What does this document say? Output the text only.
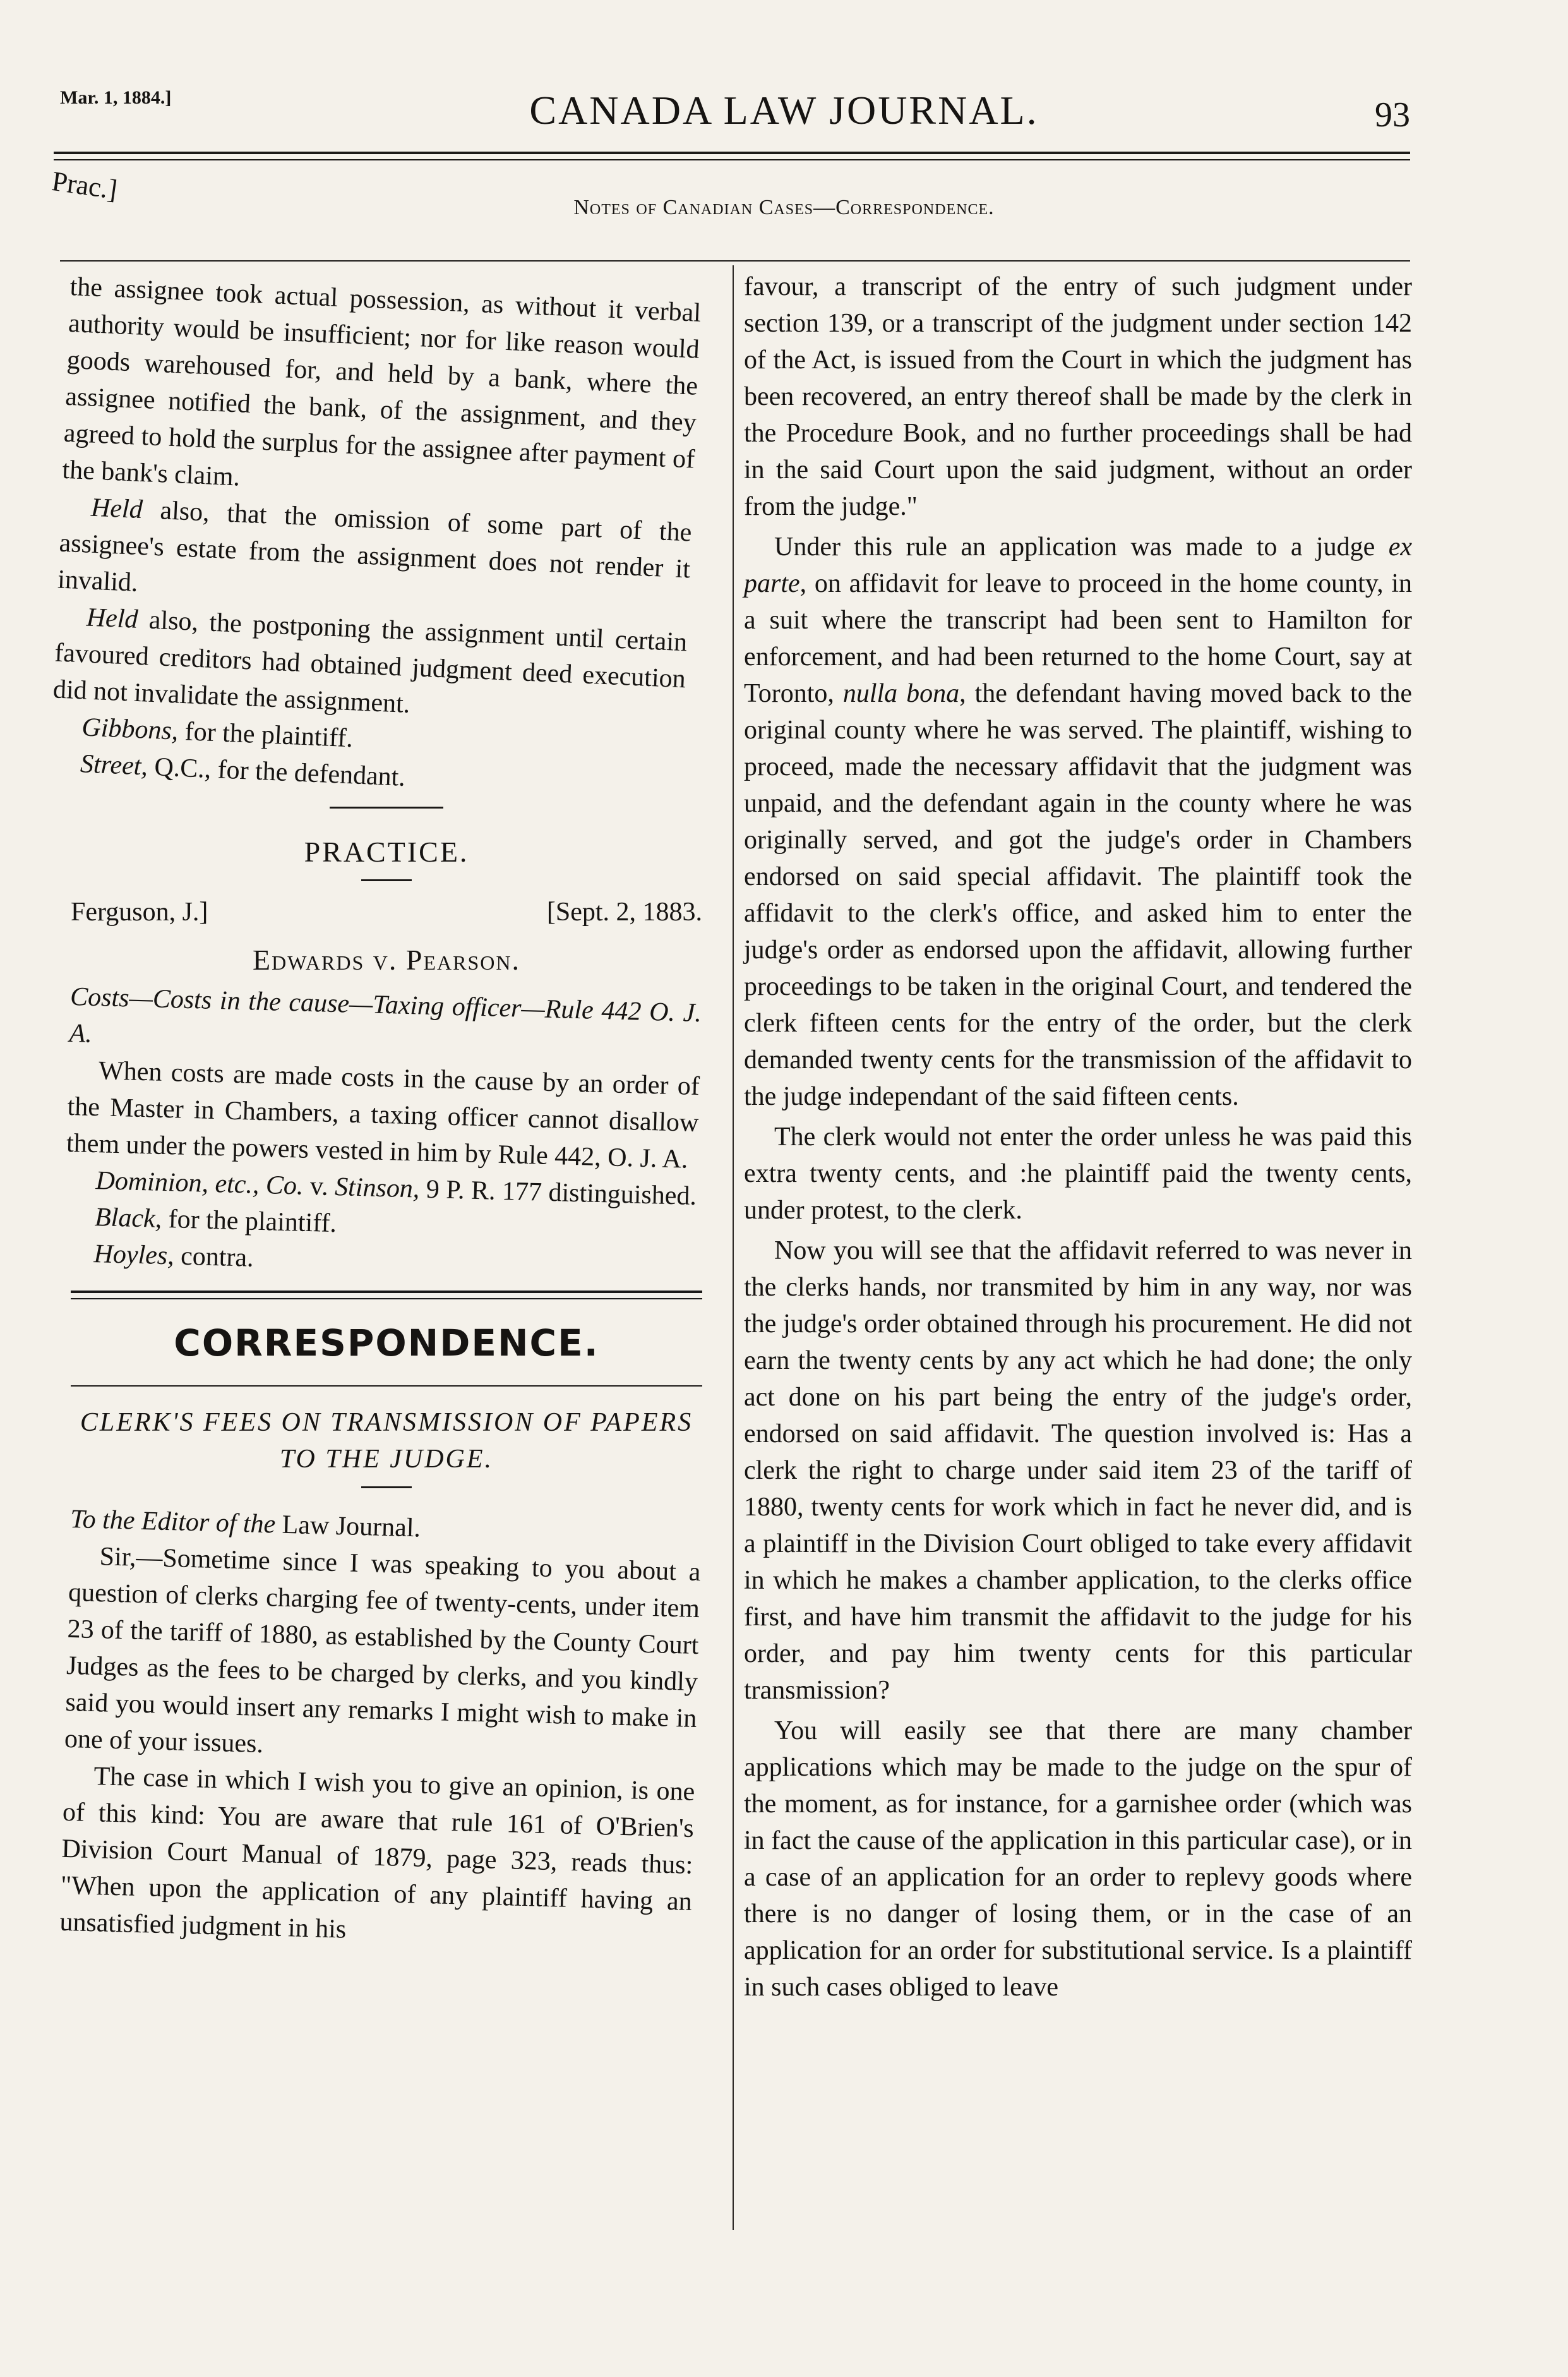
Mar. 1, 1884.]	CANADA LAW JOURNAL.	93
Prac.]
Notes of Canadian Cases—Correspondence.

the assignee took actual possession, as without it verbal authority would be insufficient; nor for like reason would goods warehoused for, and held by a bank, where the assignee notified the bank, of the assignment, and they agreed to hold the surplus for the assignee after payment of the bank's claim.

Held also, that the omission of some part of the assignee's estate from the assignment does not render it invalid.

Held also, the postponing the assignment until certain favoured creditors had obtained judgment deed execution did not invalidate the assignment.

Gibbons, for the plaintiff.

Street, Q.C., for the defendant.

PRACTICE.
Ferguson, J.]	[Sept. 2, 1883.
Edwards v. Pearson.

Costs—Costs in the cause—Taxing officer—Rule 442 O. J. A.

When costs are made costs in the cause by an order of the Master in Chambers, a taxing officer cannot disallow them under the powers vested in him by Rule 442, O. J. A.

Dominion, etc., Co. v. Stinson, 9 P. R. 177 distinguished.

Black, for the plaintiff.

Hoyles, contra.

CORRESPONDENCE.
CLERK'S FEES ON TRANSMISSION OF PAPERS TO THE JUDGE.

To the Editor of the Law Journal.

Sir,—Sometime since I was speaking to you about a question of clerks charging fee of twenty-cents, under item 23 of the tariff of 1880, as established by the County Court Judges as the fees to be charged by clerks, and you kindly said you would insert any remarks I might wish to make in one of your issues.

The case in which I wish you to give an opinion, is one of this kind: You are aware that rule 161 of O'Brien's Division Court Manual of 1879, page 323, reads thus: "When upon the application of any plaintiff having an unsatisfied judgment in his

favour, a transcript of the entry of such judgment under section 139, or a transcript of the judgment under section 142 of the Act, is issued from the Court in which the judgment has been recovered, an entry thereof shall be made by the clerk in the Procedure Book, and no further proceedings shall be had in the said Court upon the said judgment, without an order from the judge."

Under this rule an application was made to a judge ex parte, on affidavit for leave to proceed in the home county, in a suit where the transcript had been sent to Hamilton for enforcement, and had been returned to the home Court, say at Toronto, nulla bona, the defendant having moved back to the original county where he was served. The plaintiff, wishing to proceed, made the necessary affidavit that the judgment was unpaid, and the defendant again in the county where he was originally served, and got the judge's order in Chambers endorsed on said special affidavit. The plaintiff took the affidavit to the clerk's office, and asked him to enter the judge's order as endorsed upon the affidavit, allowing further proceedings to be taken in the original Court, and tendered the clerk fifteen cents for the entry of the order, but the clerk demanded twenty cents for the transmission of the affidavit to the judge independant of the said fifteen cents.

The clerk would not enter the order unless he was paid this extra twenty cents, and :he plaintiff paid the twenty cents, under protest, to the clerk.

Now you will see that the affidavit referred to was never in the clerks hands, nor transmited by him in any way, nor was the judge's order obtained through his procurement. He did not earn the twenty cents by any act which he had done; the only act done on his part being the entry of the judge's order, endorsed on said affidavit. The question involved is: Has a clerk the right to charge under said item 23 of the tariff of 1880, twenty cents for work which in fact he never did, and is a plaintiff in the Division Court obliged to take every affidavit in which he makes a chamber application, to the clerks office first, and have him transmit the affidavit to the judge for his order, and pay him twenty cents for this particular transmission?

You will easily see that there are many chamber applications which may be made to the judge on the spur of the moment, as for instance, for a garnishee order (which was in fact the cause of the application in this particular case), or in a case of an application for an order to replevy goods where there is no danger of losing them, or in the case of an application for an order for substitutional service. Is a plaintiff in such cases obliged to leave
